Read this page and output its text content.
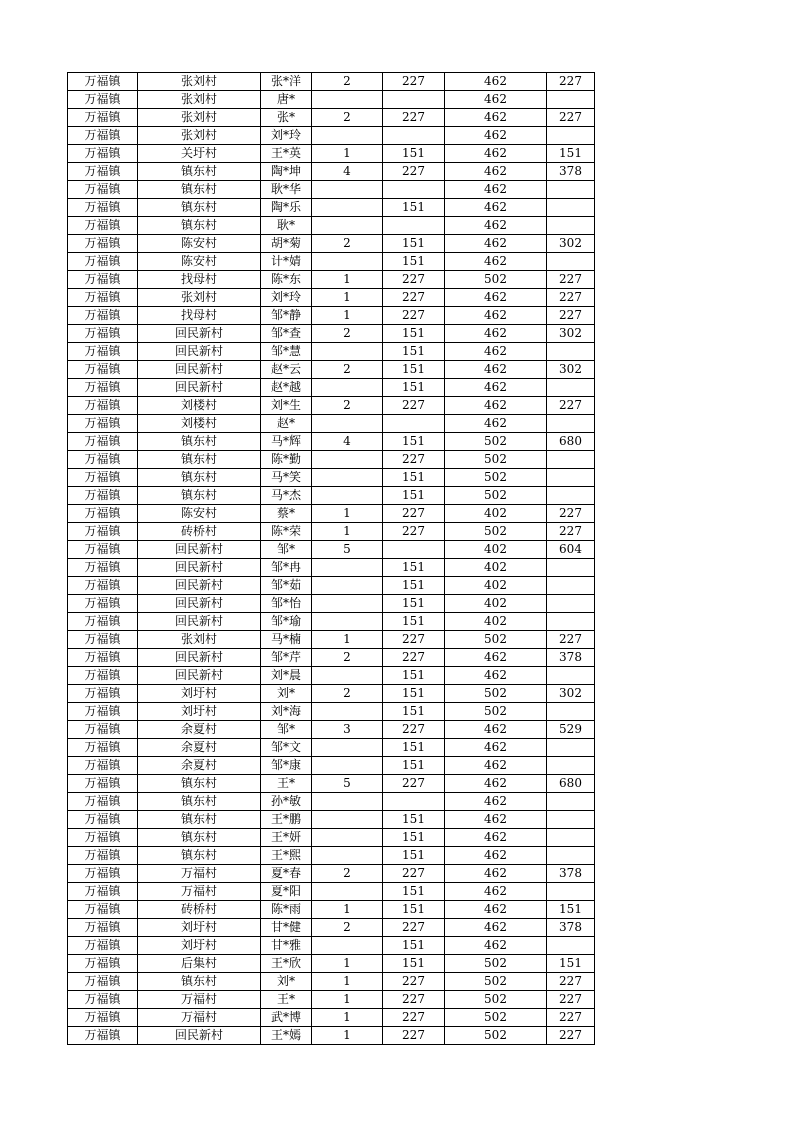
万福镇	张刘村	张*洋	2	227	462	227
万福镇	张刘村	唐*			462	
万福镇	张刘村	张*	2	227	462	227
万福镇	张刘村	刘*玲			462	
万福镇	关圩村	王*英	1	151	462	151
万福镇	镇东村	陶*坤	4	227	462	378
万福镇	镇东村	耿*华			462	
万福镇	镇东村	陶*乐		151	462	
万福镇	镇东村	耿*			462	
万福镇	陈安村	胡*菊	2	151	462	302
万福镇	陈安村	计*婧		151	462	
万福镇	找母村	陈*东	1	227	502	227
万福镇	张刘村	刘*玲	1	227	462	227
万福镇	找母村	邹*静	1	227	462	227
万福镇	回民新村	邹*查	2	151	462	302
万福镇	回民新村	邹*慧		151	462	
万福镇	回民新村	赵*云	2	151	462	302
万福镇	回民新村	赵*越		151	462	
万福镇	刘楼村	刘*生	2	227	462	227
万福镇	刘楼村	赵*			462	
万福镇	镇东村	马*辉	4	151	502	680
万福镇	镇东村	陈*勤		227	502	
万福镇	镇东村	马*笑		151	502	
万福镇	镇东村	马*杰		151	502	
万福镇	陈安村	蔡*	1	227	402	227
万福镇	砖桥村	陈*荣	1	227	502	227
万福镇	回民新村	邹*	5		402	604
万福镇	回民新村	邹*冉		151	402	
万福镇	回民新村	邹*茹		151	402	
万福镇	回民新村	邹*怡		151	402	
万福镇	回民新村	邹*瑜		151	402	
万福镇	张刘村	马*楠	1	227	502	227
万福镇	回民新村	邹*芹	2	227	462	378
万福镇	回民新村	刘*晨		151	462	
万福镇	刘圩村	刘*	2	151	502	302
万福镇	刘圩村	刘*海		151	502	
万福镇	余夏村	邹*	3	227	462	529
万福镇	余夏村	邹*文		151	462	
万福镇	余夏村	邹*康		151	462	
万福镇	镇东村	王*	5	227	462	680
万福镇	镇东村	孙*敏			462	
万福镇	镇东村	王*鹏		151	462	
万福镇	镇东村	王*妍		151	462	
万福镇	镇东村	王*熙		151	462	
万福镇	万福村	夏*春	2	227	462	378
万福镇	万福村	夏*阳		151	462	
万福镇	砖桥村	陈*雨	1	151	462	151
万福镇	刘圩村	甘*健	2	227	462	378
万福镇	刘圩村	甘*雅		151	462	
万福镇	后集村	王*欣	1	151	502	151
万福镇	镇东村	刘*	1	227	502	227
万福镇	万福村	王*	1	227	502	227
万福镇	万福村	武*博	1	227	502	227
万福镇	回民新村	王*嫣	1	227	502	227
